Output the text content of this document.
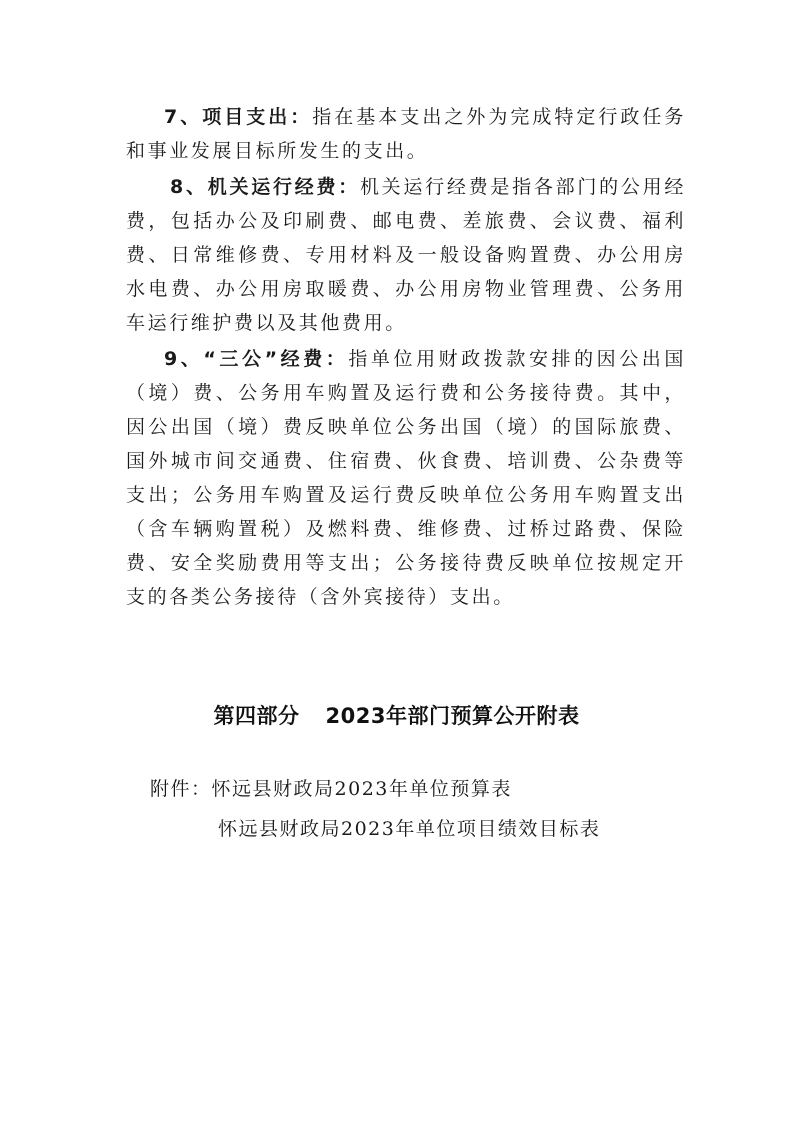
7、项目支出：指在基本支出之外为完成特定行政任务和事业发展目标所发生的支出。

8、机关运行经费：机关运行经费是指各部门的公用经费，包括办公及印刷费、邮电费、差旅费、会议费、福利费、日常维修费、专用材料及一般设备购置费、办公用房水电费、办公用房取暖费、办公用房物业管理费、公务用车运行维护费以及其他费用。

9、“三公”经费：指单位用财政拨款安排的因公出国（境）费、公务用车购置及运行费和公务接待费。其中，因公出国（境）费反映单位公务出国（境）的国际旅费、国外城市间交通费、住宿费、伙食费、培训费、公杂费等支出；公务用车购置及运行费反映单位公务用车购置支出（含车辆购置税）及燃料费、维修费、过桥过路费、保险费、安全奖励费用等支出；公务接待费反映单位按规定开支的各类公务接待（含外宾接待）支出。

第四部分 2023年部门预算公开附表
附件：怀远县财政局2023年单位预算表
怀远县财政局2023年单位项目绩效目标表
